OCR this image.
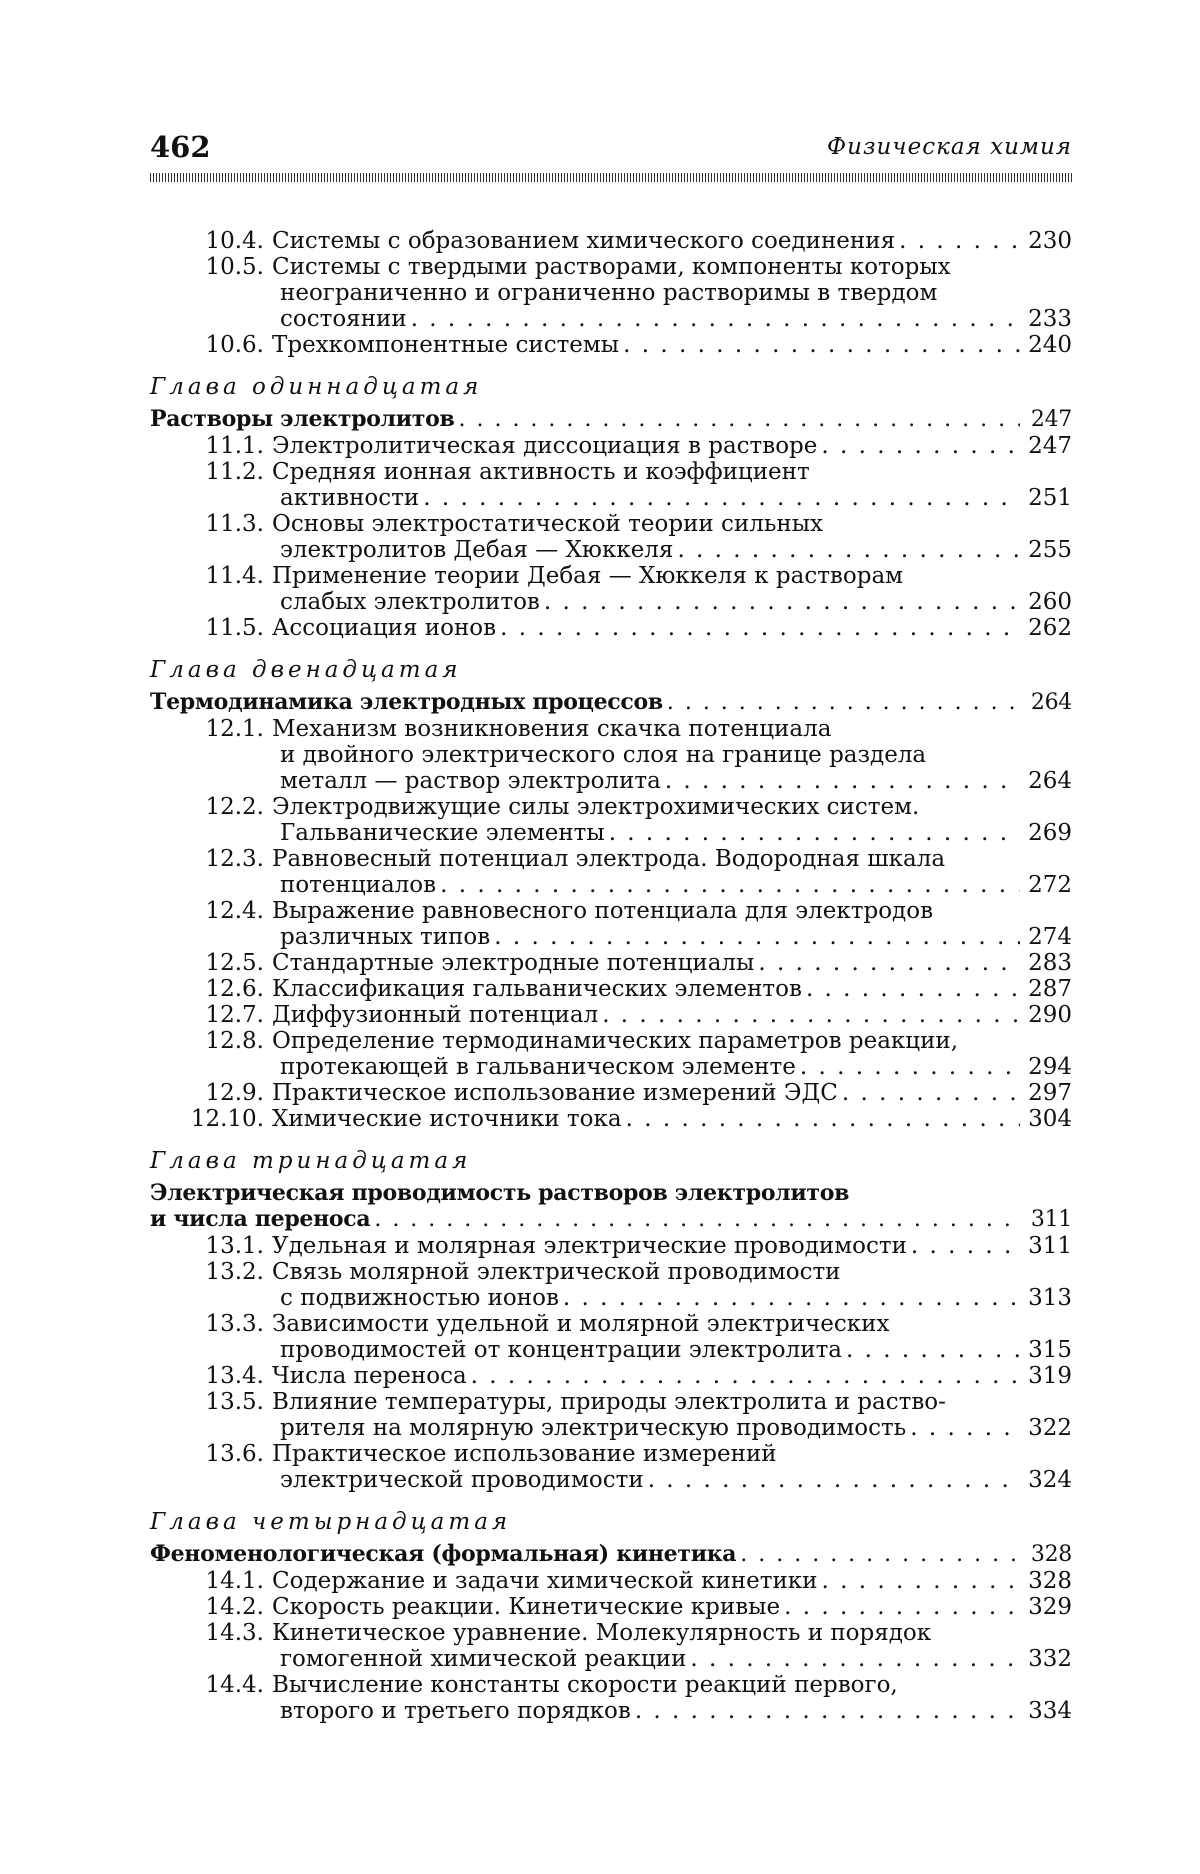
462	Физическая химия
10.4. Системы с образованием химического соединения
. . .	230
10.5. Системы с твердыми растворами, компоненты которых
неограниченно и ограниченно растворимы в твердом
состоянии
. . .	233
10.6. Трехкомпонентные системы
. . .	240
Глава одиннадцатая
Растворы электролитов
. . .	247
11.1. Электролитическая диссоциация в растворе
. . .	247
11.2. Средняя ионная активность и коэффициент
активности
. . .	251
11.3. Основы электростатической теории сильных
электролитов Дебая — Хюккеля
. . .	255
11.4. Применение теории Дебая — Хюккеля к растворам
слабых электролитов
. . .	260
11.5. Ассоциация ионов
. . .	262
Глава двенадцатая
Термодинамика электродных процессов
. . .	264
12.1. Механизм возникновения скачка потенциала
и двойного электрического слоя на границе раздела
металл — раствор электролита
. . .	264
12.2. Электродвижущие силы электрохимических систем.
Гальванические элементы
. . .	269
12.3. Равновесный потенциал электрода. Водородная шкала
потенциалов
. . .	272
12.4. Выражение равновесного потенциала для электродов
различных типов
. . .	274
12.5. Стандартные электродные потенциалы
. . .	283
12.6. Классификация гальванических элементов
. . .	287
12.7. Диффузионный потенциал
. . .	290
12.8. Определение термодинамических параметров реакции,
протекающей в гальваническом элементе
. . .	294
12.9. Практическое использование измерений ЭДС
. . .	297
12.10. Химические источники тока
. . .	304
Глава тринадцатая
Электрическая проводимость растворов электролитов
и числа переноса
. . .	311
13.1. Удельная и молярная электрические проводимости
. . .	311
13.2. Связь молярной электрической проводимости
с подвижностью ионов
. . .	313
13.3. Зависимости удельной и молярной электрических
проводимостей от концентрации электролита
. . .	315
13.4. Числа переноса
. . .	319
13.5. Влияние температуры, природы электролита и раство-
рителя на молярную электрическую проводимость
. . .	322
13.6. Практическое использование измерений
электрической проводимости
. . .	324
Глава четырнадцатая
Феноменологическая (формальная) кинетика
. . .	328
14.1. Содержание и задачи химической кинетики
. . .	328
14.2. Скорость реакции. Кинетические кривые
. . .	329
14.3. Кинетическое уравнение. Молекулярность и порядок
гомогенной химической реакции
. . .	332
14.4. Вычисление константы скорости реакций первого,
второго и третьего порядков
. . .	334
